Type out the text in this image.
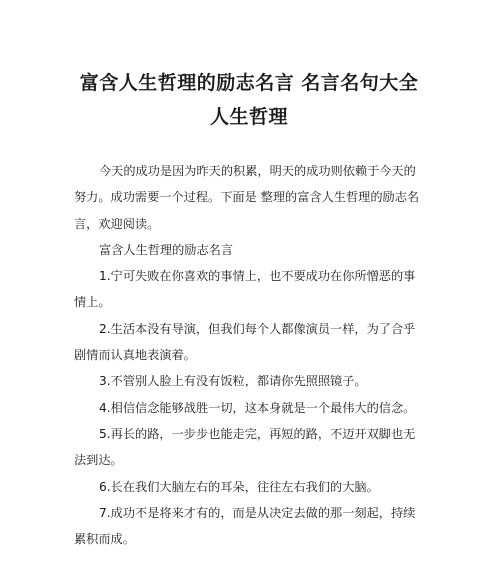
富含人生哲理的励志名言 名言名句大全
人生哲理

今天的成功是因为昨天的积累，明天的成功则依赖于今天的努力。成功需要一个过程。下面是 整理的富含人生哲理的励志名言，欢迎阅读。

富含人生哲理的励志名言

1.宁可失败在你喜欢的事情上，也不要成功在你所憎恶的事情上。

2.生活本没有导演，但我们每个人都像演员一样，为了合乎剧情而认真地表演着。

3.不管别人脸上有没有饭粒，都请你先照照镜子。

4.相信信念能够战胜一切，这本身就是一个最伟大的信念。

5.再长的路，一步步也能走完，再短的路，不迈开双脚也无法到达。

6.长在我们大脑左右的耳朵，往往左右我们的大脑。

7.成功不是将来才有的，而是从决定去做的那一刻起，持续累积而成。
